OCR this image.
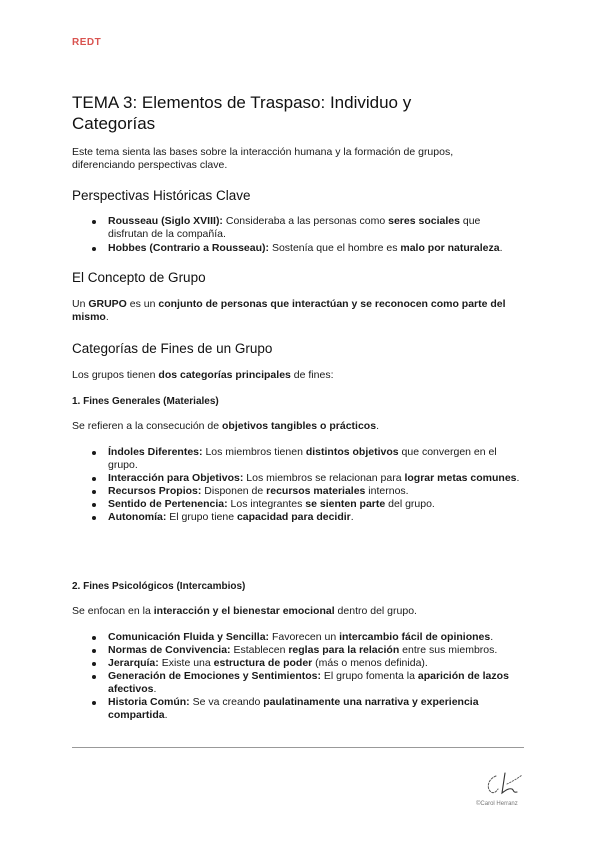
REDT
TEMA 3: Elementos de Traspaso: Individuo y Categorías
Este tema sienta las bases sobre la interacción humana y la formación de grupos, diferenciando perspectivas clave.
Perspectivas Históricas Clave
Rousseau (Siglo XVIII): Consideraba a las personas como seres sociales que disfrutan de la compañía.
Hobbes (Contrario a Rousseau): Sostenía que el hombre es malo por naturaleza.
El Concepto de Grupo

Un GRUPO es un conjunto de personas que interactúan y se reconocen como parte del mismo.

Categorías de Fines de un Grupo

Los grupos tienen dos categorías principales de fines:

1. Fines Generales (Materiales)

Se refieren a la consecución de objetivos tangibles o prácticos.

Índoles Diferentes: Los miembros tienen distintos objetivos que convergen en el grupo.
Interacción para Objetivos: Los miembros se relacionan para lograr metas comunes.
Recursos Propios: Disponen de recursos materiales internos.
Sentido de Pertenencia: Los integrantes se sienten parte del grupo.
Autonomía: El grupo tiene capacidad para decidir.
2. Fines Psicológicos (Intercambios)

Se enfocan en la interacción y el bienestar emocional dentro del grupo.

Comunicación Fluida y Sencilla: Favorecen un intercambio fácil de opiniones.
Normas de Convivencia: Establecen reglas para la relación entre sus miembros.
Jerarquía: Existe una estructura de poder (más o menos definida).
Generación de Emociones y Sentimientos: El grupo fomenta la aparición de lazos afectivos.
Historia Común: Se va creando paulatinamente una narrativa y experiencia compartida.
©Carol Herranz
